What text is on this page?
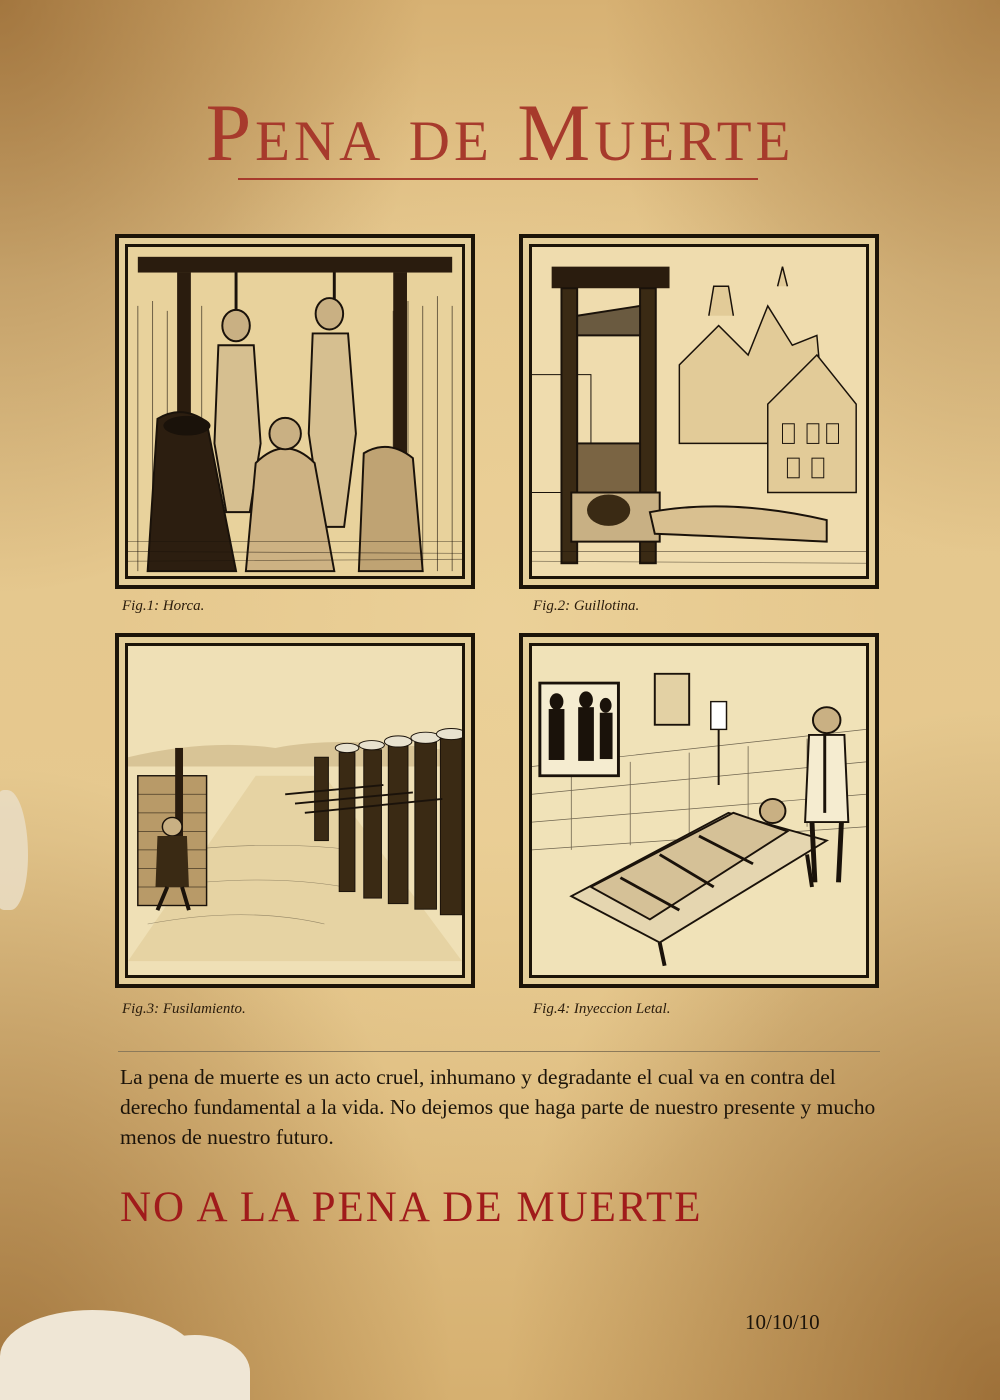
Pena de Muerte
Fig.1: Horca.	Fig.2: Guillotina.
Fig.3: Fusilamiento.	Fig.4: Inyeccion Letal.

La pena de muerte es un acto cruel, inhumano y degradante el cual va en contra del derecho fundamental a la vida. No dejemos que haga parte de nuestro presente y mucho menos de nuestro futuro.

NO A LA PENA DE MUERTE
10/10/10
